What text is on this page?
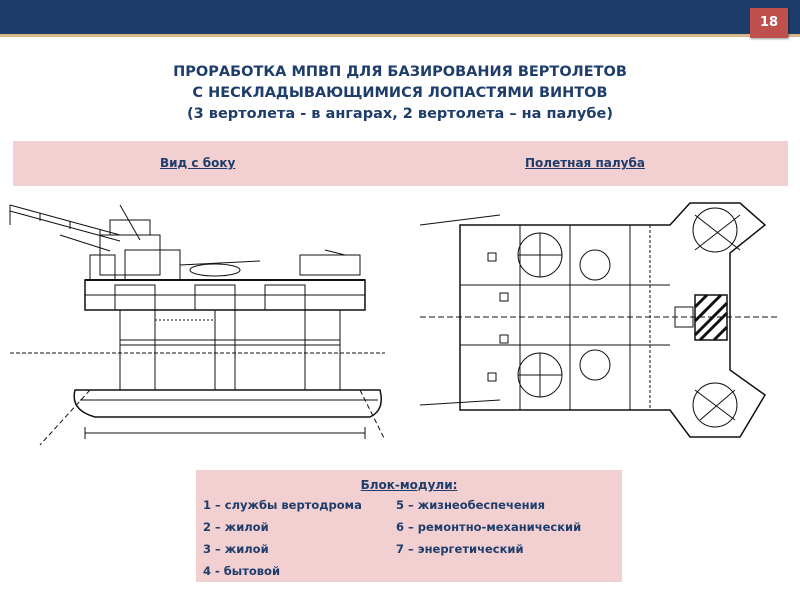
18
ПРОРАБОТКА МПВП ДЛЯ БАЗИРОВАНИЯ ВЕРТОЛЕТОВ
С НЕСКЛАДЫВАЮЩИМИСЯ ЛОПАСТЯМИ ВИНТОВ
(3 вертолета - в ангарах, 2 вертолета – на палубе)
Вид с боку	Полетная палуба
Блок-модули:
1 – службы вертодрома
2 – жилой
3 – жилой
4 - бытовой
5 – жизнеобеспечения
6 – ремонтно-механический
7 – энергетический
